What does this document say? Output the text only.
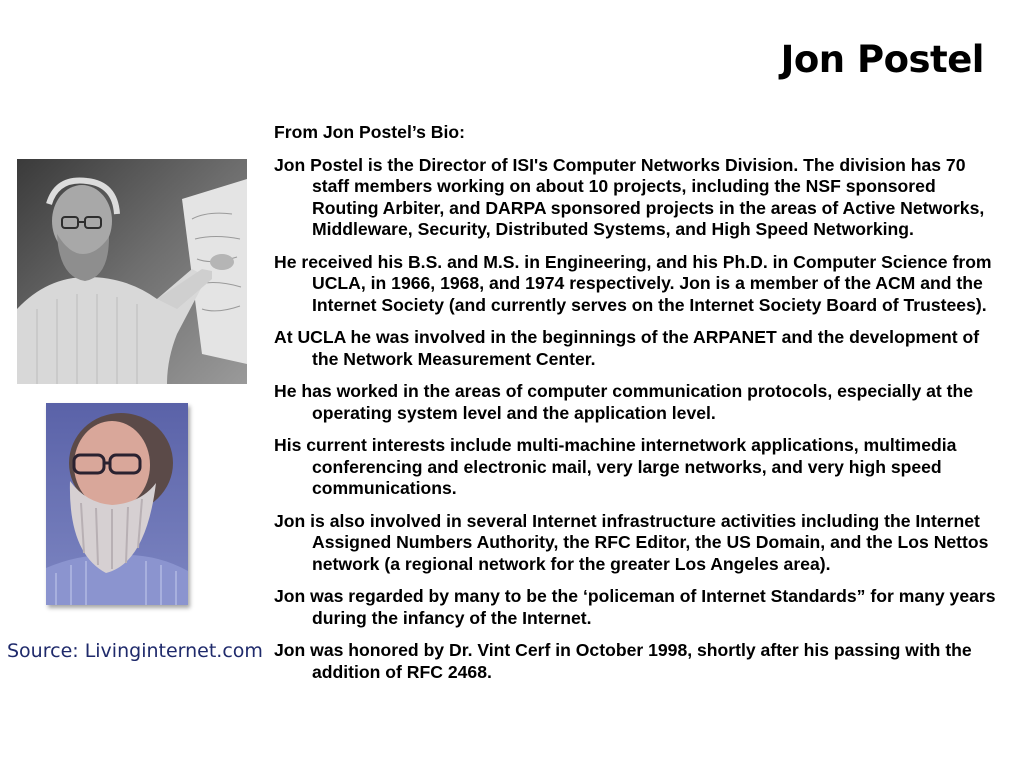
Jon Postel
Source: Livinginternet.com

From Jon Postel’s Bio:

Jon Postel is the Director of ISI's Computer Networks Division. The division has 70 staff members working on about 10 projects, including the NSF sponsored Routing Arbiter, and DARPA sponsored projects in the areas of Active Networks, Middleware, Security, Distributed Systems, and High Speed Networking.

He received his B.S. and M.S. in Engineering, and his Ph.D. in Computer Science from UCLA, in 1966, 1968, and 1974 respectively. Jon is a member of the ACM and the Internet Society (and currently serves on the Internet Society Board of Trustees).

At UCLA he was involved in the beginnings of the ARPANET and the development of the Network Measurement Center.

He has worked in the areas of computer communication protocols, especially at the operating system level and the application level.

His current interests include multi-machine internetwork applications, multimedia conferencing and electronic mail, very large networks, and very high speed communications.

Jon is also involved in several Internet infrastructure activities including the Internet Assigned Numbers Authority, the RFC Editor, the US Domain, and the Los Nettos network (a regional network for the greater Los Angeles area).

Jon was regarded by many to be the ‘policeman of Internet Standards” for many years during the infancy of the Internet.

Jon was honored by Dr. Vint Cerf in October 1998, shortly after his passing with the addition of RFC 2468.
